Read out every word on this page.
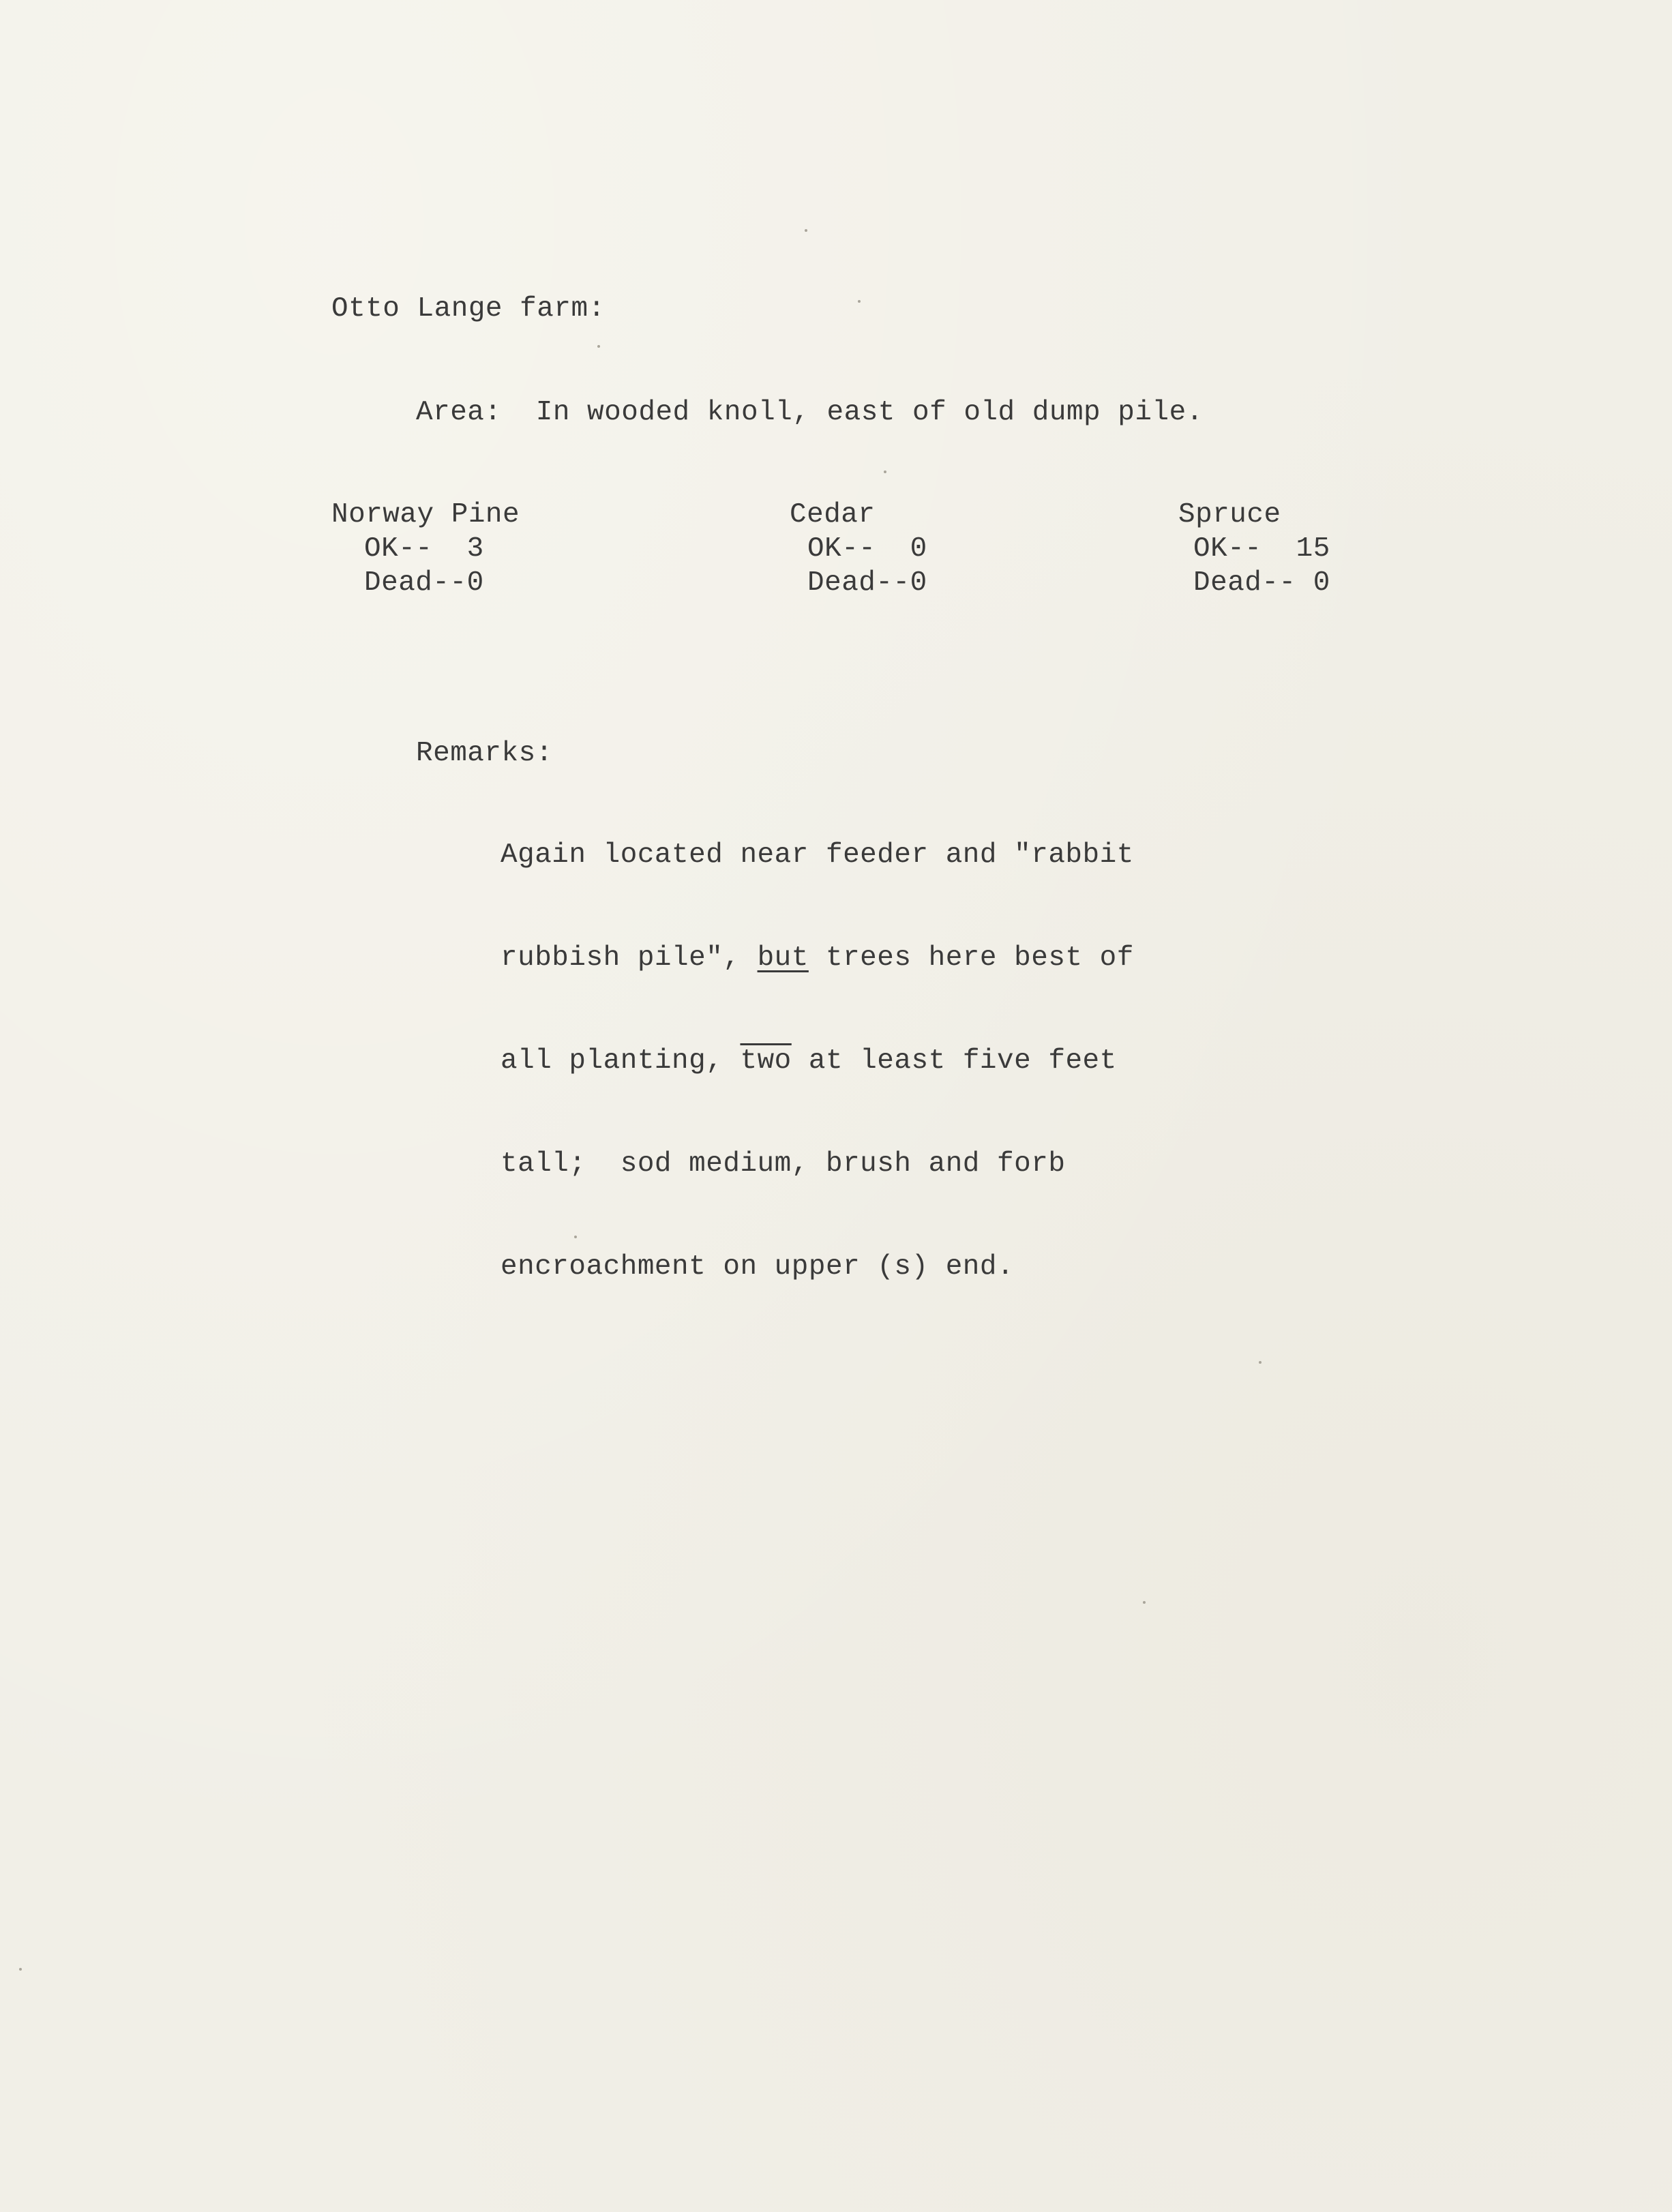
Otto Lange farm:
Area:  In wooded knoll, east of old dump pile.
Norway Pine
OK--  3
Dead--0
Cedar
OK--  0
Dead--0
Spruce
OK--  15
Dead-- 0
Remarks:

Again located near feeder and "rabbit

rubbish pile", but trees here best of

all planting, $\overline{two}$ at least five feet

tall;  sod medium, brush and forb

encroachment on upper (s) end.
